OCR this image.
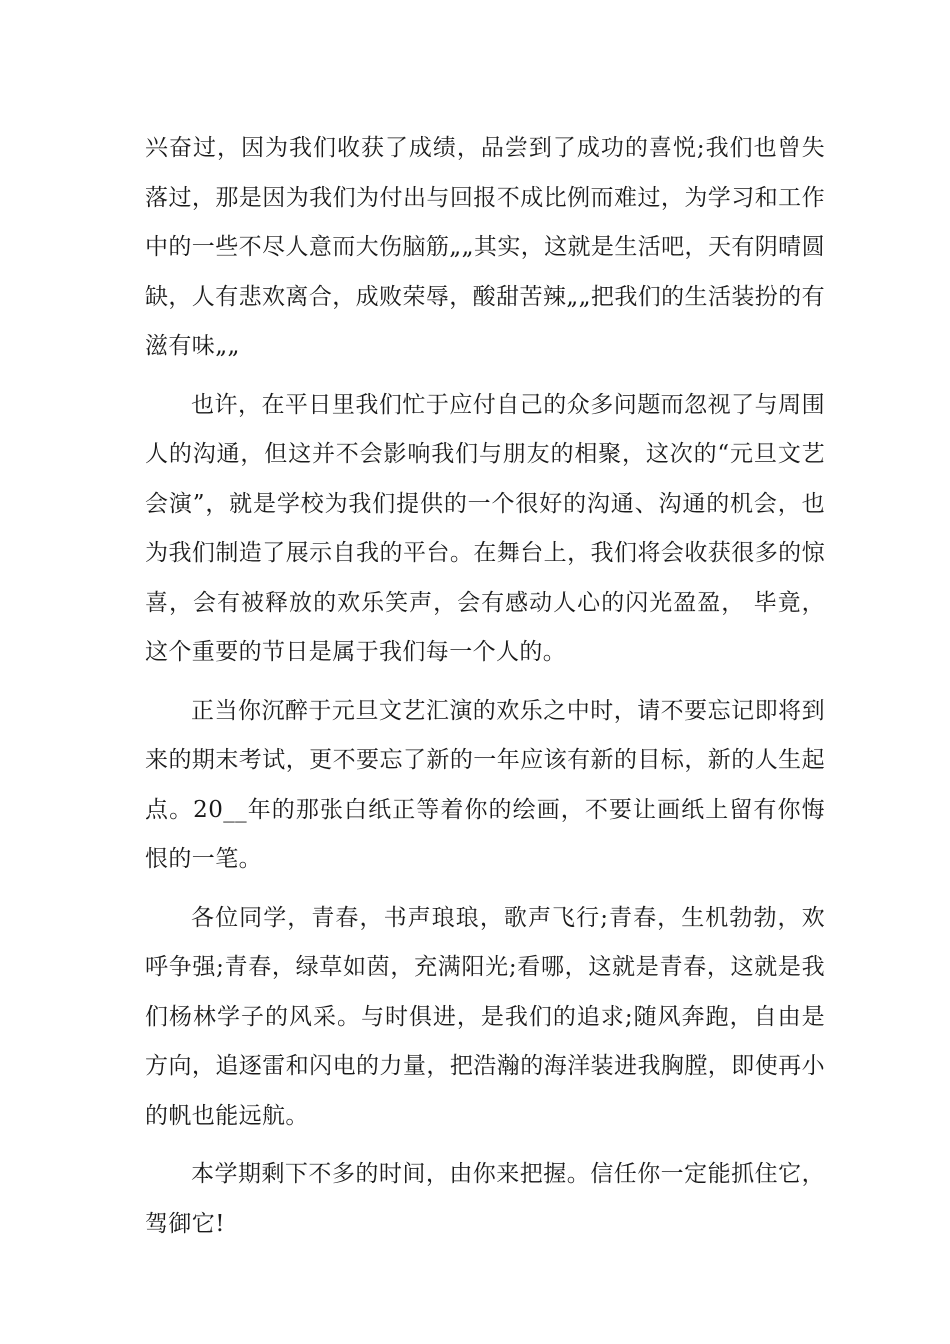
兴奋过，因为我们收获了成绩，品尝到了成功的喜悦;我们也曾失落过，那是因为我们为付出与回报不成比例而难过，为学习和工作中的一些不尽人意而大伤脑筋„„其实，这就是生活吧，天有阴晴圆缺，人有悲欢离合，成败荣辱，酸甜苦辣„„把我们的生活装扮的有滋有味„„

也许，在平日里我们忙于应付自己的众多问题而忽视了与周围人的沟通，但这并不会影响我们与朋友的相聚，这次的“元旦文艺会演”，就是学校为我们提供的一个很好的沟通、沟通的机会，也为我们制造了展示自我的平台。在舞台上，我们将会收获很多的惊喜，会有被释放的欢乐笑声，会有感动人心的闪光盈盈， 毕竟，这个重要的节日是属于我们每一个人的。

正当你沉醉于元旦文艺汇演的欢乐之中时，请不要忘记即将到来的期末考试，更不要忘了新的一年应该有新的目标，新的人生起点。20__年的那张白纸正等着你的绘画，不要让画纸上留有你悔恨的一笔。

各位同学，青春，书声琅琅，歌声飞行;青春，生机勃勃，欢呼争强;青春，绿草如茵，充满阳光;看哪，这就是青春，这就是我们杨林学子的风采。与时俱进，是我们的追求;随风奔跑，自由是方向，追逐雷和闪电的力量，把浩瀚的海洋装进我胸膛，即使再小的帆也能远航。

本学期剩下不多的时间，由你来把握。信任你一定能抓住它，驾御它!
